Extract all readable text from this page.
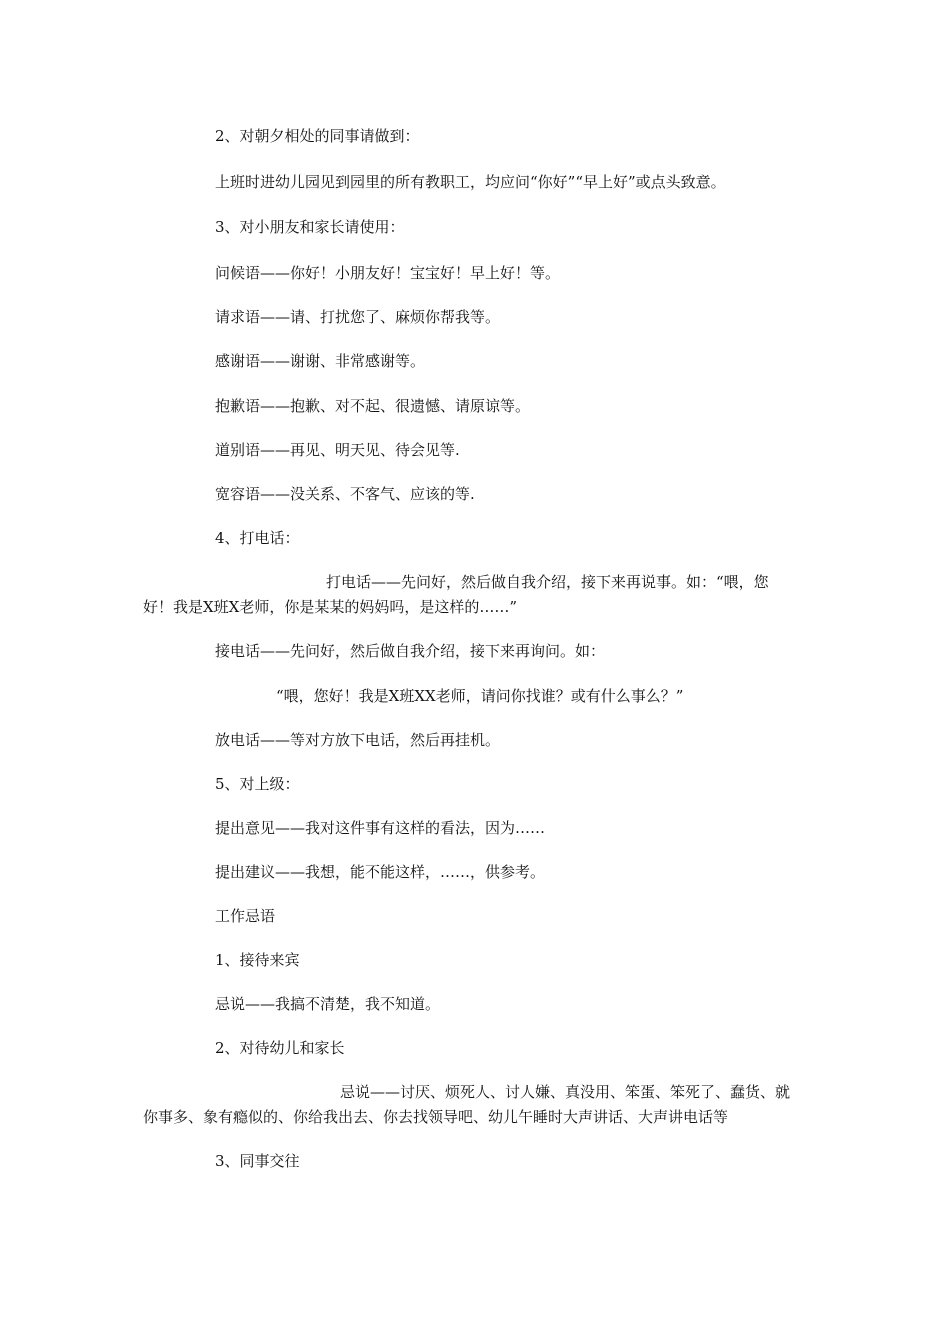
2、对朝夕相处的同事请做到：
上班时进幼儿园见到园里的所有教职工，均应问“你好”“早上好”或点头致意。
3、对小朋友和家长请使用：
问候语——你好！小朋友好！宝宝好！早上好！等。
请求语——请、打扰您了、麻烦你帮我等。
感谢语——谢谢、非常感谢等。
抱歉语——抱歉、对不起、很遗憾、请原谅等。
道别语——再见、明天见、待会见等.
宽容语——没关系、不客气、应该的等.
4、打电话：
打电话——先问好，然后做自我介绍，接下来再说事。如：“喂，您
好！我是X班X老师，你是某某的妈妈吗，是这样的……”
接电话——先问好，然后做自我介绍，接下来再询问。如：
“喂，您好！我是X班XX老师，请问你找谁？或有什么事么？”
放电话——等对方放下电话，然后再挂机。
5、对上级：
提出意见——我对这件事有这样的看法，因为……
提出建议——我想，能不能这样，……，供参考。
工作忌语
1、接待来宾
忌说——我搞不清楚，我不知道。
2、对待幼儿和家长
忌说——讨厌、烦死人、讨人嫌、真没用、笨蛋、笨死了、蠢货、就
你事多、象有瘾似的、你给我出去、你去找领导吧、幼儿午睡时大声讲话、大声讲电话等
3、同事交往
